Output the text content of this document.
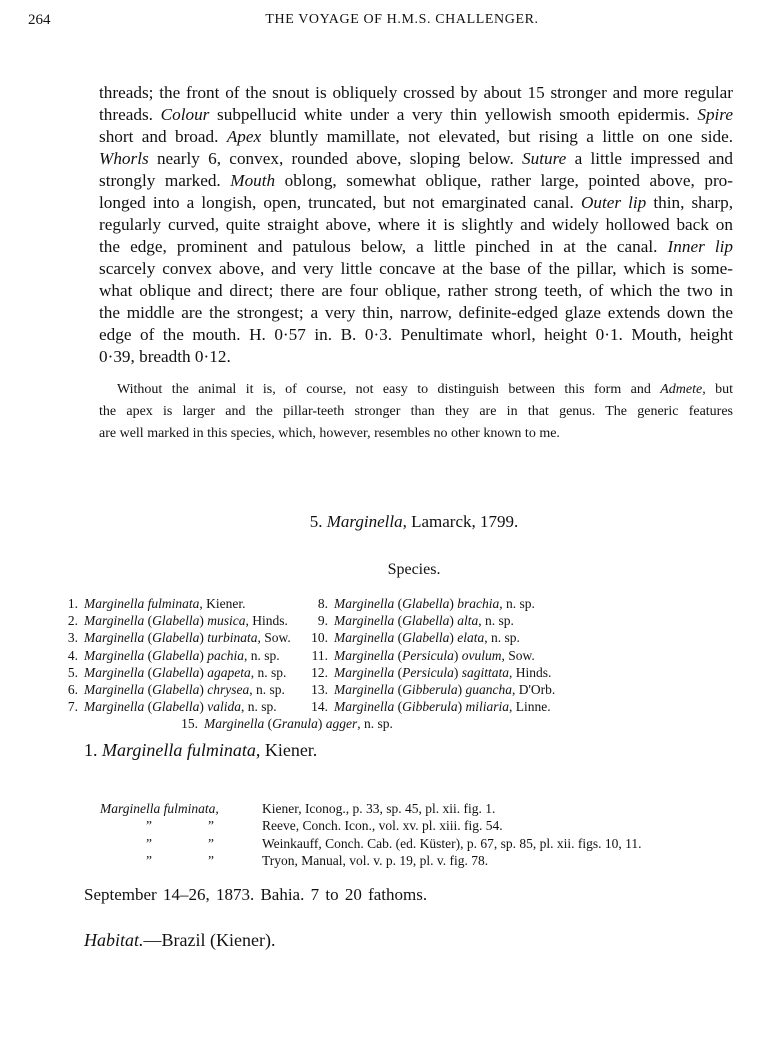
264	THE VOYAGE OF H.M.S. CHALLENGER.
threads; the front of the snout is obliquely crossed by about 15 stronger and more regular
threads. Colour subpellucid white under a very thin yellowish smooth epidermis. Spire
short and broad. Apex bluntly mamillate, not elevated, but rising a little on one side.
Whorls nearly 6, convex, rounded above, sloping below. Suture a little impressed and
strongly marked. Mouth oblong, somewhat oblique, rather large, pointed above, pro-
longed into a longish, open, truncated, but not emarginated canal. Outer lip thin, sharp,
regularly curved, quite straight above, where it is slightly and widely hollowed back on
the edge, prominent and patulous below, a little pinched in at the canal. Inner lip
scarcely convex above, and very little concave at the base of the pillar, which is some-
what oblique and direct; there are four oblique, rather strong teeth, of which the two in
the middle are the strongest; a very thin, narrow, definite-edged glaze extends down the
edge of the mouth. H. 0·57 in. B. 0·3. Penultimate whorl, height 0·1. Mouth, height
0·39, breadth 0·12.
Without the animal it is, of course, not easy to distinguish between this form and Admete, but
the apex is larger and the pillar-teeth stronger than they are in that genus. The generic features
are well marked in this species, which, however, resembles no other known to me.
5. Marginella, Lamarck, 1799.
Species.
1. Marginella fulminata, Kiener.
2. Marginella (Glabella) musica, Hinds.
3. Marginella (Glabella) turbinata, Sow.
4. Marginella (Glabella) pachia, n. sp.
5. Marginella (Glabella) agapeta, n. sp.
6. Marginella (Glabella) chrysea, n. sp.
7. Marginella (Glabella) valida, n. sp.
8. Marginella (Glabella) brachia, n. sp.
9. Marginella (Glabella) alta, n. sp.
10. Marginella (Glabella) elata, n. sp.
11. Marginella (Persicula) ovulum, Sow.
12. Marginella (Persicula) sagittata, Hinds.
13. Marginella (Gibberula) guancha, D'Orb.
14. Marginella (Gibberula) miliaria, Linne.
15. Marginella (Granula) agger, n. sp.
1. Marginella fulminata, Kiener.
Marginella fulminata,	Kiener, Iconog., p. 33, sp. 45, pl. xii. fig. 1.
”	”	Reeve, Conch. Icon., vol. xv. pl. xiii. fig. 54.
”	”	Weinkauff, Conch. Cab. (ed. Küster), p. 67, sp. 85, pl. xii. figs. 10, 11.
”	”	Tryon, Manual, vol. v. p. 19, pl. v. fig. 78.
September 14–26, 1873. Bahia. 7 to 20 fathoms.
Habitat.—Brazil (Kiener).
